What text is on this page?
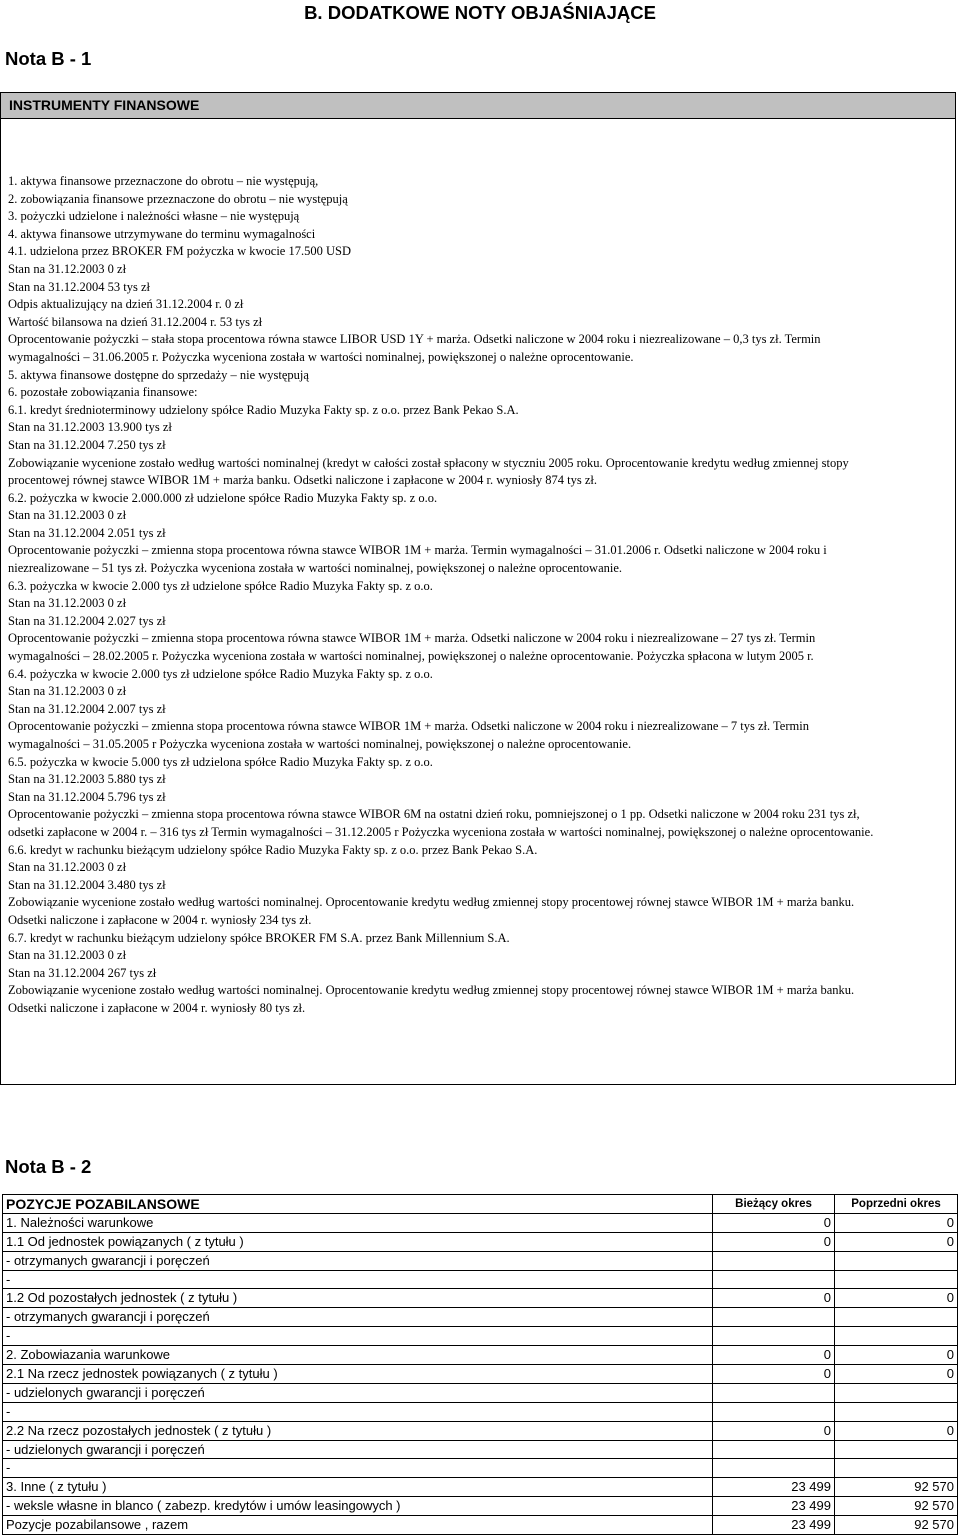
B. DODATKOWE NOTY OBJAŚNIAJĄCE
Nota B - 1
INSTRUMENTY FINANSOWE
1. aktywa finansowe przeznaczone do obrotu – nie występują,
2. zobowiązania finansowe przeznaczone do obrotu – nie występują
3. pożyczki udzielone i należności własne – nie występują
4. aktywa finansowe utrzymywane do terminu wymagalności
4.1. udzielona przez BROKER FM pożyczka w kwocie 17.500 USD
Stan na 31.12.2003 0 zł
Stan na 31.12.2004 53 tys zł
Odpis aktualizujący na dzień 31.12.2004 r. 0 zł
Wartość bilansowa na dzień 31.12.2004 r. 53 tys zł
Oprocentowanie pożyczki – stała stopa procentowa równa stawce LIBOR USD 1Y + marża. Odsetki naliczone w 2004 roku i niezrealizowane – 0,3 tys zł. Termin
wymagalności – 31.06.2005 r. Pożyczka wyceniona została w wartości nominalnej, powiększonej o należne oprocentowanie.
5. aktywa finansowe dostępne do sprzedaży – nie występują
6. pozostałe zobowiązania finansowe:
6.1. kredyt średnioterminowy udzielony spółce Radio Muzyka Fakty sp. z o.o. przez Bank Pekao S.A.
Stan na 31.12.2003 13.900 tys zł
Stan na 31.12.2004 7.250 tys zł
Zobowiązanie wycenione zostało według wartości nominalnej (kredyt w całości został spłacony w styczniu 2005 roku. Oprocentowanie kredytu według zmiennej stopy
procentowej równej stawce WIBOR 1M + marża banku. Odsetki naliczone i zapłacone w 2004 r. wyniosły 874 tys zł.
6.2. pożyczka w kwocie 2.000.000 zł udzielone spółce Radio Muzyka Fakty sp. z o.o.
Stan na 31.12.2003 0 zł
Stan na 31.12.2004 2.051 tys zł
Oprocentowanie pożyczki – zmienna stopa procentowa równa stawce WIBOR 1M + marża. Termin wymagalności – 31.01.2006 r. Odsetki naliczone w 2004 roku i
niezrealizowane – 51 tys zł. Pożyczka wyceniona została w wartości nominalnej, powiększonej o należne oprocentowanie.
6.3. pożyczka w kwocie 2.000 tys zł udzielone spółce Radio Muzyka Fakty sp. z o.o.
Stan na 31.12.2003 0 zł
Stan na 31.12.2004 2.027 tys zł
Oprocentowanie pożyczki – zmienna stopa procentowa równa stawce WIBOR 1M + marża. Odsetki naliczone w 2004 roku i niezrealizowane – 27 tys zł. Termin
wymagalności – 28.02.2005 r. Pożyczka wyceniona została w wartości nominalnej, powiększonej o należne oprocentowanie. Pożyczka spłacona w lutym 2005 r.
6.4. pożyczka w kwocie 2.000 tys zł udzielone spółce Radio Muzyka Fakty sp. z o.o.
Stan na 31.12.2003 0 zł
Stan na 31.12.2004 2.007 tys zł
Oprocentowanie pożyczki – zmienna stopa procentowa równa stawce WIBOR 1M + marża. Odsetki naliczone w 2004 roku i niezrealizowane – 7 tys zł. Termin
wymagalności – 31.05.2005 r Pożyczka wyceniona została w wartości nominalnej, powiększonej o należne oprocentowanie.
6.5. pożyczka w kwocie 5.000 tys zł udzielona spółce Radio Muzyka Fakty sp. z o.o.
Stan na 31.12.2003 5.880 tys zł
Stan na 31.12.2004 5.796 tys zł
Oprocentowanie pożyczki – zmienna stopa procentowa równa stawce WIBOR 6M na ostatni dzień roku, pomniejszonej o 1 pp. Odsetki naliczone w 2004 roku 231 tys zł,
odsetki zapłacone w 2004 r. – 316 tys zł Termin wymagalności – 31.12.2005 r Pożyczka wyceniona została w wartości nominalnej, powiększonej o należne oprocentowanie.
6.6. kredyt w rachunku bieżącym udzielony spółce Radio Muzyka Fakty sp. z o.o. przez Bank Pekao S.A.
Stan na 31.12.2003 0 zł
Stan na 31.12.2004 3.480 tys zł
Zobowiązanie wycenione zostało według wartości nominalnej. Oprocentowanie kredytu według zmiennej stopy procentowej równej stawce WIBOR 1M + marża banku.
Odsetki naliczone i zapłacone w 2004 r. wyniosły 234 tys zł.
6.7. kredyt w rachunku bieżącym udzielony spółce BROKER FM S.A. przez Bank Millennium S.A.
Stan na 31.12.2003 0 zł
Stan na 31.12.2004 267 tys zł
Zobowiązanie wycenione zostało według wartości nominalnej. Oprocentowanie kredytu według zmiennej stopy procentowej równej stawce WIBOR 1M + marża banku.
Odsetki naliczone i zapłacone w 2004 r. wyniosły 80 tys zł.
Nota B - 2
POZYCJE POZABILANSOWE	Bieżący okres	Poprzedni okres
1. Należności warunkowe	0	0
1.1 Od jednostek powiązanych ( z tytułu )	0	0
- otrzymanych gwarancji i poręczeń		
-		
1.2 Od pozostałych jednostek ( z tytułu )	0	0
- otrzymanych gwarancji i poręczeń		
-		
2. Zobowiazania warunkowe	0	0
2.1 Na rzecz jednostek powiązanych ( z tytułu )	0	0
- udzielonych gwarancji i poręczeń		
-		
2.2 Na rzecz pozostałych jednostek ( z tytułu )	0	0
- udzielonych gwarancji i poręczeń		
-		
3. Inne ( z tytułu )	23 499	92 570
- weksle własne in blanco ( zabezp. kredytów i umów leasingowych )	23 499	92 570
Pozycje pozabilansowe , razem	23 499	92 570
